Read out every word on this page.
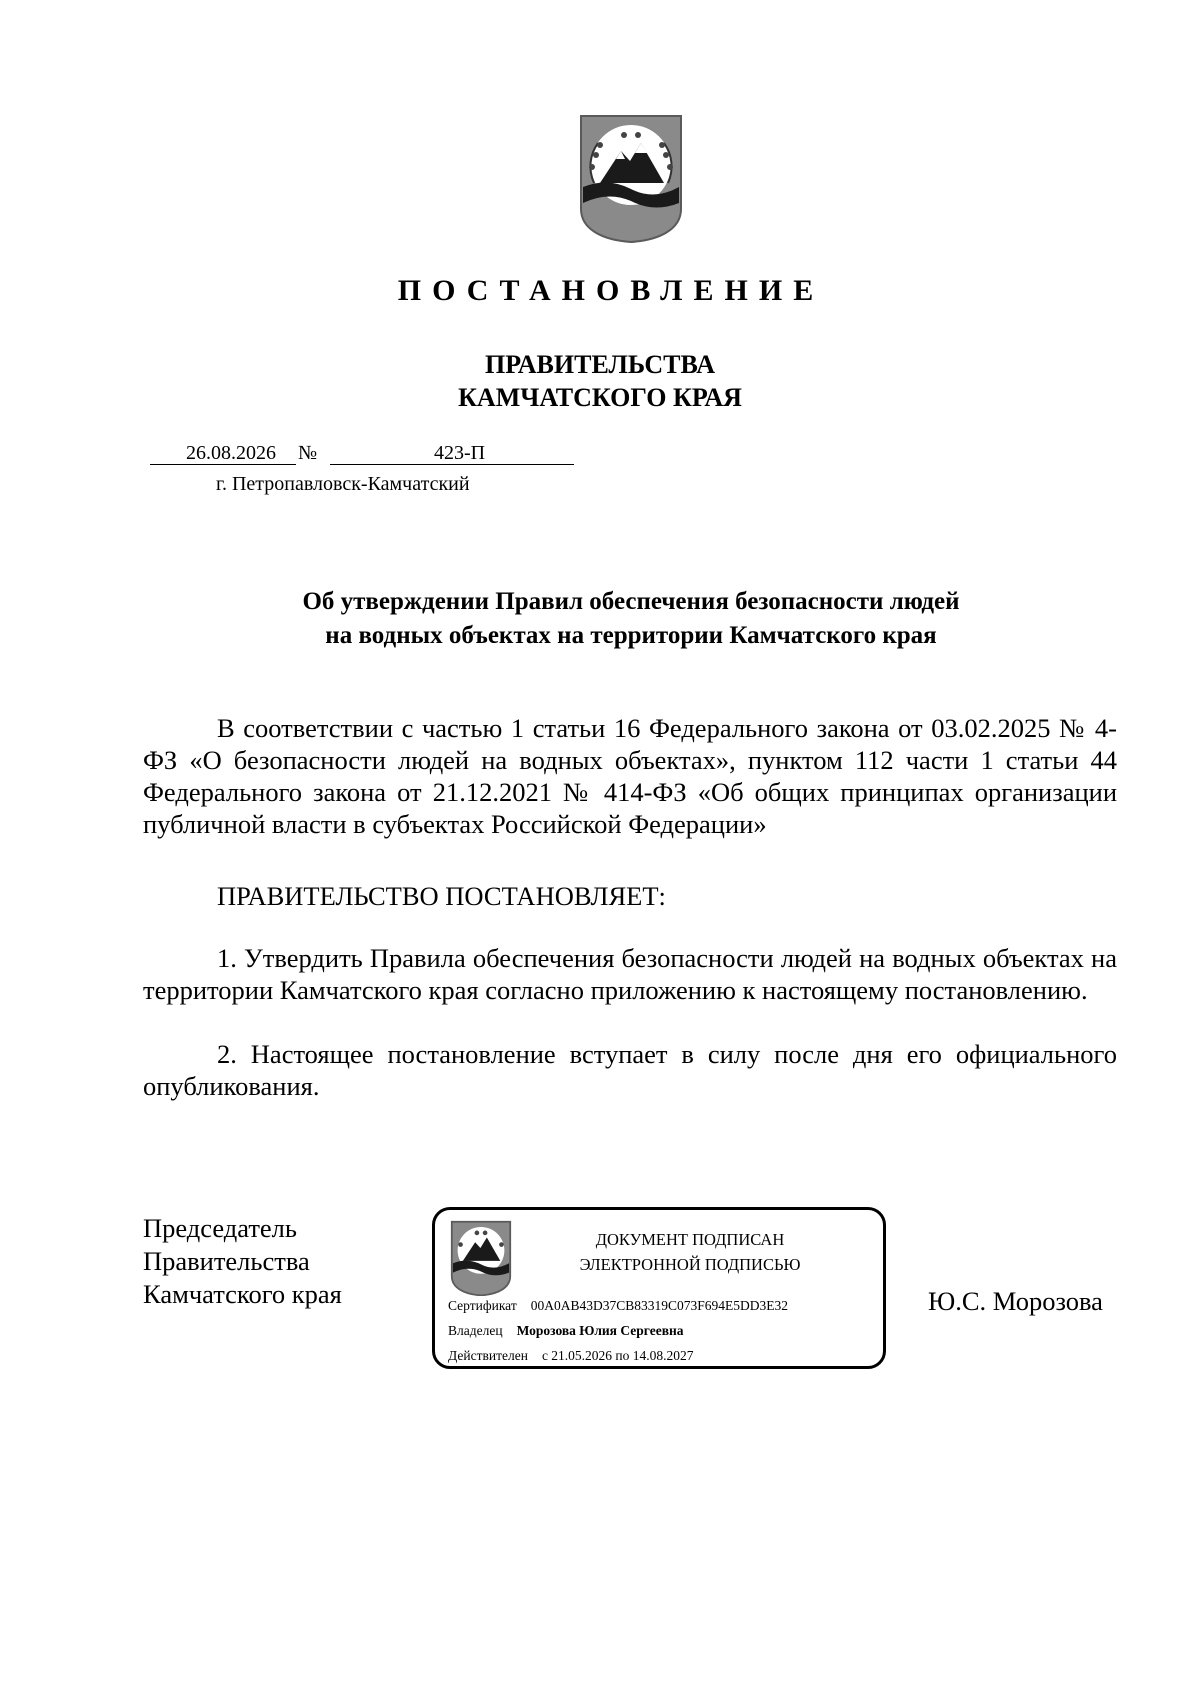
ПОСТАНОВЛЕНИЕ
ПРАВИТЕЛЬСТВА
КАМЧАТСКОГО КРАЯ
26.08.2026 №	423-П
г. Петропавловск-Камчатский
Об утверждении Правил обеспечения безопасности людей
на водных объектах на территории Камчатского края
В соответствии с частью 1 статьи 16 Федерального закона от 03.02.2025 № 4-ФЗ «О безопасности людей на водных объектах», пунктом 112 части 1 статьи 44 Федерального закона от 21.12.2021 № 414-ФЗ «Об общих принципах организации публичной власти в субъектах Российской Федерации»
ПРАВИТЕЛЬСТВО ПОСТАНОВЛЯЕТ:
1. Утвердить Правила обеспечения безопасности людей на водных объектах на территории Камчатского края согласно приложению к настоящему постановлению.
2. Настоящее постановление вступает в силу после дня его официального опубликования.
Председатель
Правительства
Камчатского края
ДОКУМЕНТ ПОДПИСАН
ЭЛЕКТРОННОЙ ПОДПИСЬЮ
Сертификат 00A0AB43D37CB83319C073F694E5DD3E32
Владелец Морозова Юлия Сергеевна
Действителен с 21.05.2026 по 14.08.2027
Ю.С. Морозова
